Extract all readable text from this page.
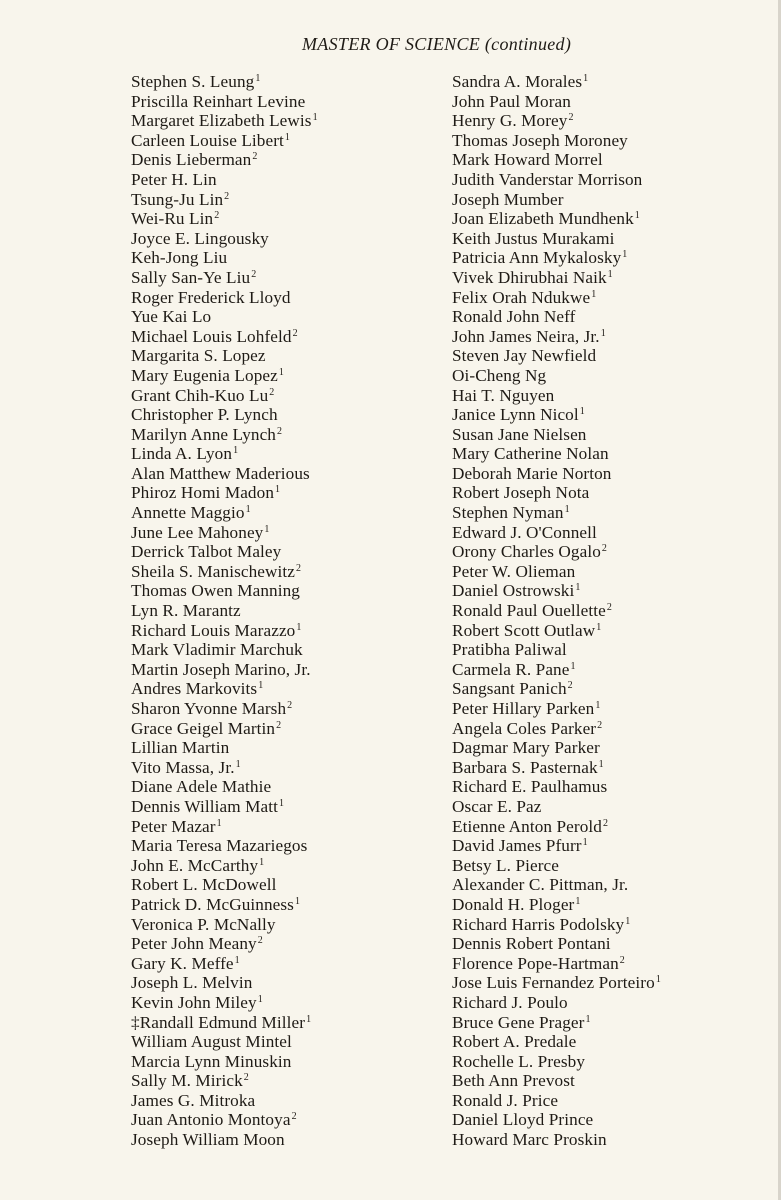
MASTER OF SCIENCE (continued)
Stephen S. Leung$^1$
Priscilla Reinhart Levine
Margaret Elizabeth Lewis$^1$
Carleen Louise Libert$^1$
Denis Lieberman$^2$
Peter H. Lin
Tsung-Ju Lin$^2$
Wei-Ru Lin$^2$
Joyce E. Lingousky
Keh-Jong Liu
Sally San-Ye Liu$^2$
Roger Frederick Lloyd
Yue Kai Lo
Michael Louis Lohfeld$^2$
Margarita S. Lopez
Mary Eugenia Lopez$^1$
Grant Chih-Kuo Lu$^2$
Christopher P. Lynch
Marilyn Anne Lynch$^2$
Linda A. Lyon$^1$
Alan Matthew Maderious
Phiroz Homi Madon$^1$
Annette Maggio$^1$
June Lee Mahoney$^1$
Derrick Talbot Maley
Sheila S. Manischewitz$^2$
Thomas Owen Manning
Lyn R. Marantz
Richard Louis Marazzo$^1$
Mark Vladimir Marchuk
Martin Joseph Marino, Jr.
Andres Markovits$^1$
Sharon Yvonne Marsh$^2$
Grace Geigel Martin$^2$
Lillian Martin
Vito Massa, Jr.$^1$
Diane Adele Mathie
Dennis William Matt$^1$
Peter Mazar$^1$
Maria Teresa Mazariegos
John E. McCarthy$^1$
Robert L. McDowell
Patrick D. McGuinness$^1$
Veronica P. McNally
Peter John Meany$^2$
Gary K. Meffe$^1$
Joseph L. Melvin
Kevin John Miley$^1$
‡Randall Edmund Miller$^1$
William August Mintel
Marcia Lynn Minuskin
Sally M. Mirick$^2$
James G. Mitroka
Juan Antonio Montoya$^2$
Joseph William Moon
Sandra A. Morales$^1$
John Paul Moran
Henry G. Morey$^2$
Thomas Joseph Moroney
Mark Howard Morrel
Judith Vanderstar Morrison
Joseph Mumber
Joan Elizabeth Mundhenk$^1$
Keith Justus Murakami
Patricia Ann Mykalosky$^1$
Vivek Dhirubhai Naik$^1$
Felix Orah Ndukwe$^1$
Ronald John Neff
John James Neira, Jr.$^1$
Steven Jay Newfield
Oi-Cheng Ng
Hai T. Nguyen
Janice Lynn Nicol$^1$
Susan Jane Nielsen
Mary Catherine Nolan
Deborah Marie Norton
Robert Joseph Nota
Stephen Nyman$^1$
Edward J. O'Connell
Orony Charles Ogalo$^2$
Peter W. Olieman
Daniel Ostrowski$^1$
Ronald Paul Ouellette$^2$
Robert Scott Outlaw$^1$
Pratibha Paliwal
Carmela R. Pane$^1$
Sangsant Panich$^2$
Peter Hillary Parken$^1$
Angela Coles Parker$^2$
Dagmar Mary Parker
Barbara S. Pasternak$^1$
Richard E. Paulhamus
Oscar E. Paz
Etienne Anton Perold$^2$
David James Pfurr$^1$
Betsy L. Pierce
Alexander C. Pittman, Jr.
Donald H. Ploger$^1$
Richard Harris Podolsky$^1$
Dennis Robert Pontani
Florence Pope-Hartman$^2$
Jose Luis Fernandez Porteiro$^1$
Richard J. Poulo
Bruce Gene Prager$^1$
Robert A. Predale
Rochelle L. Presby
Beth Ann Prevost
Ronald J. Price
Daniel Lloyd Prince
Howard Marc Proskin
